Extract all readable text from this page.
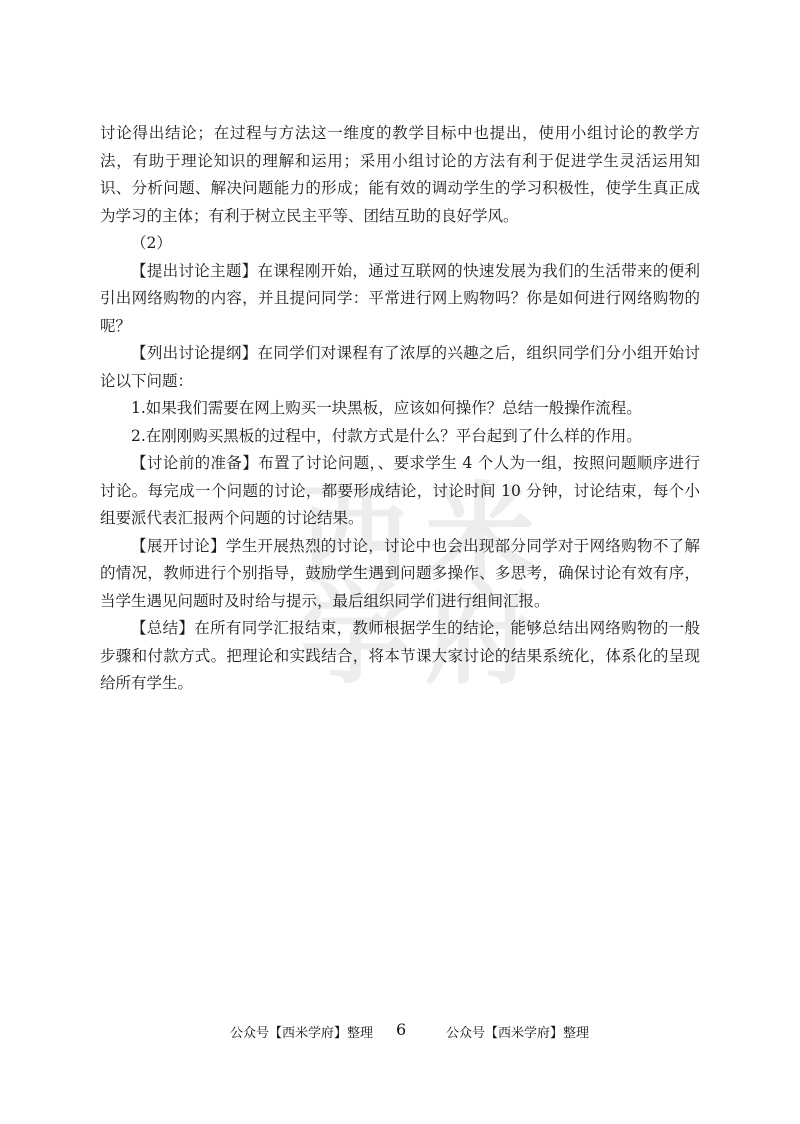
西 米
学 府

讨论得出结论；在过程与方法这一维度的教学目标中也提出，使用小组讨论的教学方法，有助于理论知识的理解和运用；采用小组讨论的方法有利于促进学生灵活运用知识、分析问题、解决问题能力的形成；能有效的调动学生的学习积极性，使学生真正成为学习的主体；有利于树立民主平等、团结互助的良好学风。

（2）

【提出讨论主题】在课程刚开始，通过互联网的快速发展为我们的生活带来的便利引出网络购物的内容，并且提问同学：平常进行网上购物吗？你是如何进行网络购物的呢？

【列出讨论提纲】在同学们对课程有了浓厚的兴趣之后，组织同学们分小组开始讨论以下问题：

1.如果我们需要在网上购买一块黑板，应该如何操作？总结一般操作流程。

2.在刚刚购买黑板的过程中，付款方式是什么？平台起到了什么样的作用。

【讨论前的准备】布置了讨论问题，、要求学生 4 个人为一组，按照问题顺序进行讨论。每完成一个问题的讨论，都要形成结论，讨论时间 10 分钟，讨论结束，每个小组要派代表汇报两个问题的讨论结果。

【展开讨论】学生开展热烈的讨论，讨论中也会出现部分同学对于网络购物不了解的情况，教师进行个别指导，鼓励学生遇到问题多操作、多思考，确保讨论有效有序，当学生遇见问题时及时给与提示，最后组织同学们进行组间汇报。

【总结】在所有同学汇报结束，教师根据学生的结论，能够总结出网络购物的一般步骤和付款方式。把理论和实践结合，将本节课大家讨论的结果系统化，体系化的呈现给所有学生。

公众号【西米学府】整理 6	公众号【西米学府】整理
